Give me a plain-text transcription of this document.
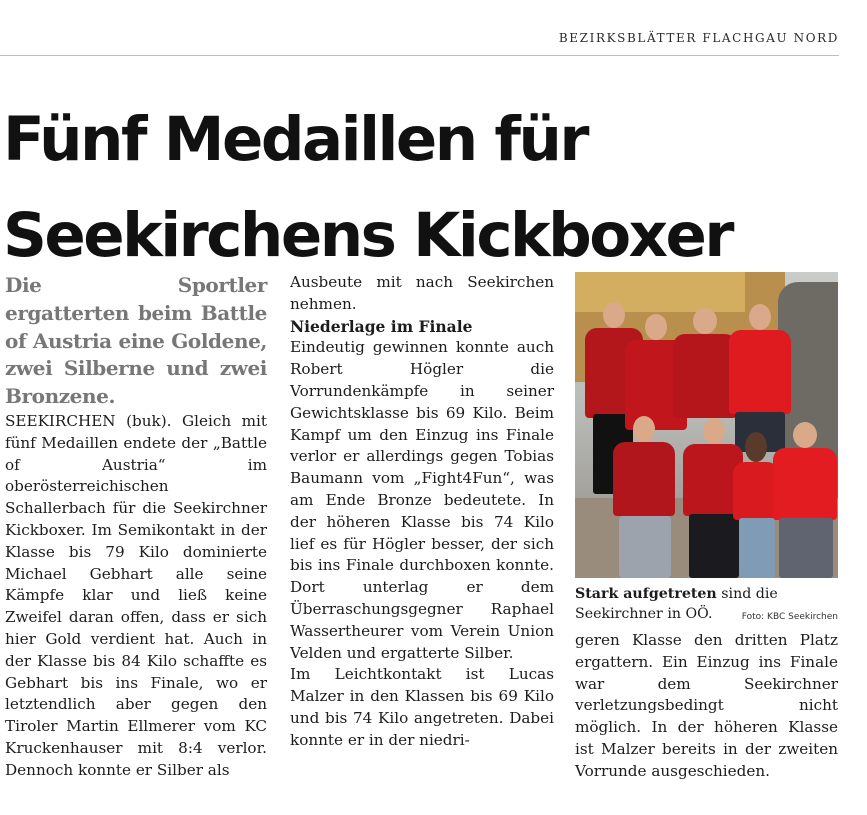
BEZIRKSBLÄTTER FLACHGAU NORD
Fünf Medaillen für
Seekirchens Kickboxer

Die Sportler ergatterten beim Battle of Austria eine Goldene, zwei Silberne und zwei Bronzene.

SEEKIRCHEN (buk). Gleich mit fünf Medaillen endete der „Battle of Austria“ im oberösterreichischen Schallerbach für die Seekirchner Kickboxer. Im Semikontakt in der Klasse bis 79 Kilo dominierte Michael Gebhart alle seine Kämpfe klar und ließ keine Zweifel daran offen, dass er sich hier Gold verdient hat. Auch in der Klasse bis 84 Kilo schaffte es Gebhart bis ins Finale, wo er letztendlich aber gegen den Tiroler Martin Ellmerer vom KC Kruckenhauser mit 8:4 verlor. Dennoch konnte er Silber als

Ausbeute mit nach Seekirchen nehmen.

Niederlage im Finale

Eindeutig gewinnen konnte auch Robert Högler die Vorrundenkämpfe in seiner Gewichtsklasse bis 69 Kilo. Beim Kampf um den Einzug ins Finale verlor er allerdings gegen Tobias Baumann vom „Fight4Fun“, was am Ende Bronze bedeutete. In der höheren Klasse bis 74 Kilo lief es für Högler besser, der sich bis ins Finale durchboxen konnte. Dort unterlag er dem Überraschungsgegner Raphael Wassertheurer vom Verein Union Velden und ergatterte Silber.

Im Leichtkontakt ist Lucas Malzer in den Klassen bis 69 Kilo und bis 74 Kilo angetreten. Dabei konnte er in der niedri-

Stark aufgetreten sind die Seekirchner in OÖ.	Foto: KBC Seekirchen

geren Klasse den dritten Platz ergattern. Ein Einzug ins Finale war dem Seekirchner verletzungsbedingt nicht möglich. In der höheren Klasse ist Malzer bereits in der zweiten Vorrunde ausgeschieden.
